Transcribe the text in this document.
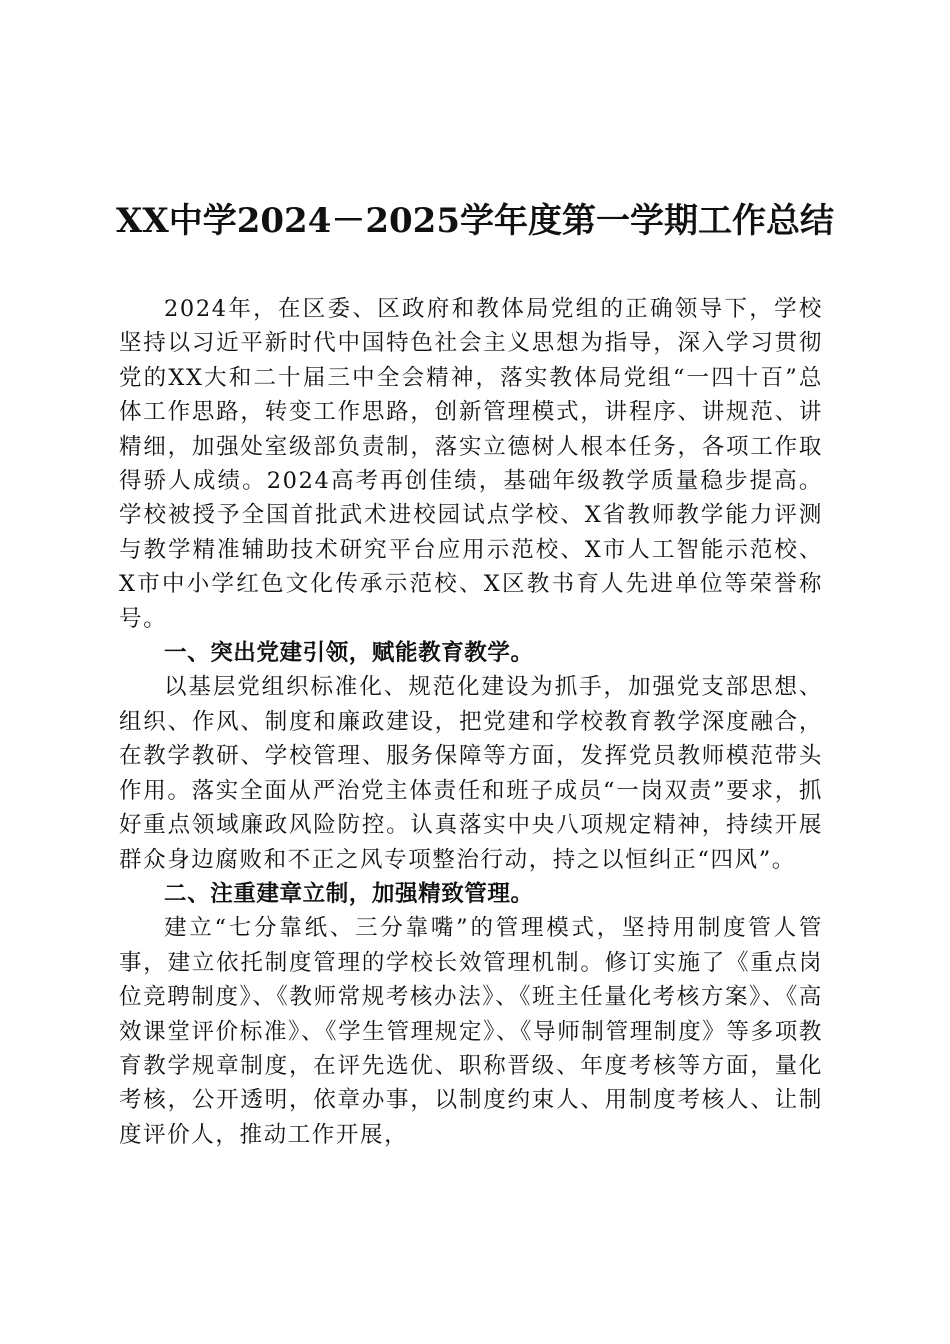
XX中学2024－2025学年度第一学期工作总结

2024年，在区委、区政府和教体局党组的正确领导下，学校坚持以习近平新时代中国特色社会主义思想为指导，深入学习贯彻党的XX大和二十届三中全会精神，落实教体局党组“一四十百”总体工作思路，转变工作思路，创新管理模式，讲程序、讲规范、讲精细，加强处室级部负责制，落实立德树人根本任务，各项工作取得骄人成绩。2024高考再创佳绩，基础年级教学质量稳步提高。学校被授予全国首批武术进校园试点学校、X省教师教学能力评测与教学精准辅助技术研究平台应用示范校、X市人工智能示范校、X市中小学红色文化传承示范校、X区教书育人先进单位等荣誉称号。

一、突出党建引领，赋能教育教学。

以基层党组织标准化、规范化建设为抓手，加强党支部思想、组织、作风、制度和廉政建设，把党建和学校教育教学深度融合，在教学教研、学校管理、服务保障等方面，发挥党员教师模范带头作用。落实全面从严治党主体责任和班子成员“一岗双责”要求，抓好重点领域廉政风险防控。认真落实中央八项规定精神，持续开展群众身边腐败和不正之风专项整治行动，持之以恒纠正“四风”。

二、注重建章立制，加强精致管理。

建立“七分靠纸、三分靠嘴”的管理模式，坚持用制度管人管事，建立依托制度管理的学校长效管理机制。修订实施了《重点岗位竞聘制度》、《教师常规考核办法》、《班主任量化考核方案》、《高效课堂评价标准》、《学生管理规定》、《导师制管理制度》等多项教育教学规章制度，在评先选优、职称晋级、年度考核等方面，量化考核，公开透明，依章办事，以制度约束人、用制度考核人、让制度评价人，推动工作开展，
